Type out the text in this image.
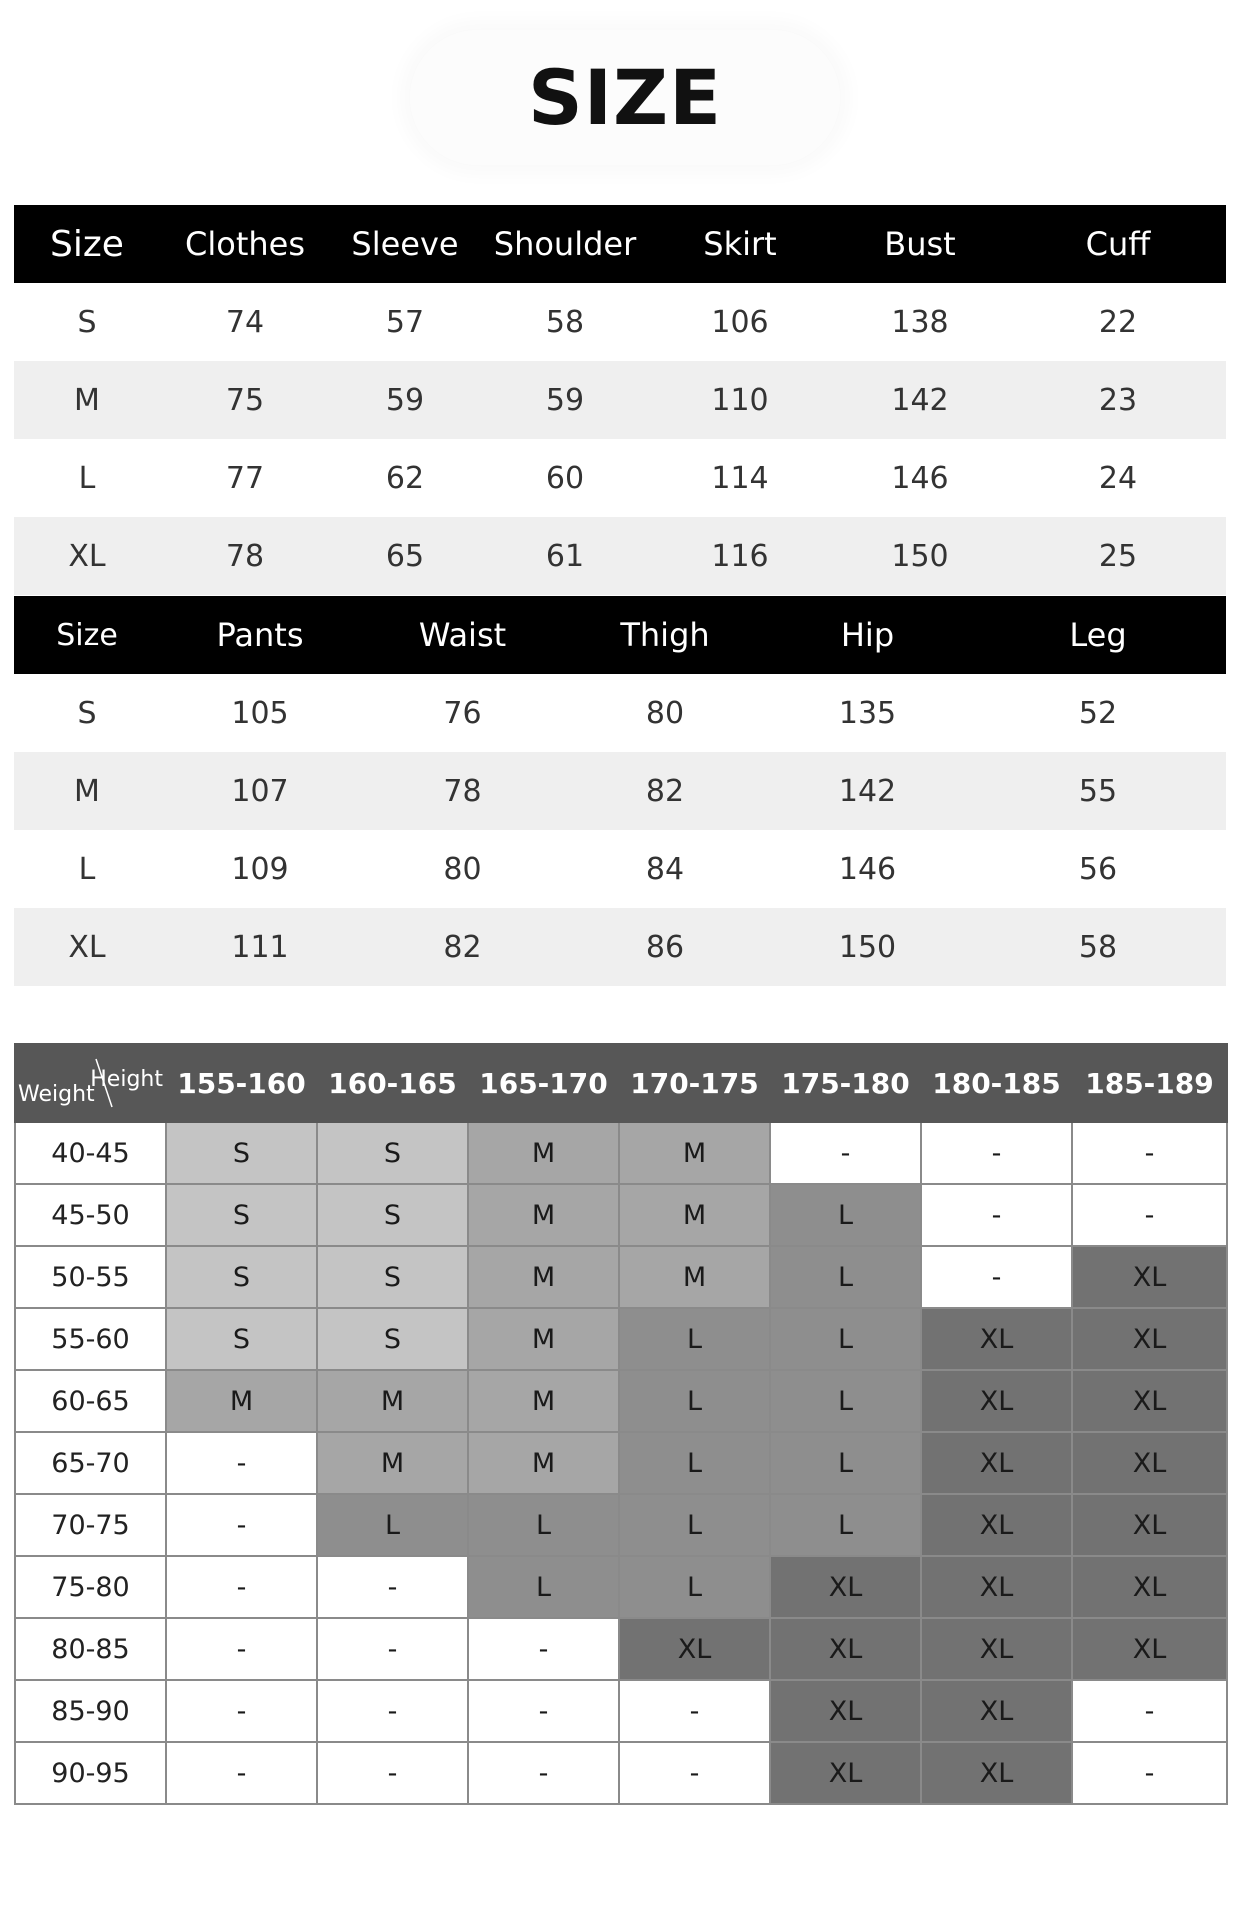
SIZE
Size	Clothes	Sleeve	Shoulder	Skirt	Bust	Cuff
S	74	57	58	106	138	22
M	75	59	59	110	142	23
L	77	62	60	114	146	24
XL	78	65	61	116	150	25
Size	Pants	Waist	Thigh	Hip	Leg
S	105	76	80	135	52
M	107	78	82	142	55
L	109	80	84	146	56
XL	111	82	86	150	58
Weight
Height	155-160	160-165	165-170	170-175	175-180	180-185	185-189
40-45	S	S	M	M	-	-	-
45-50	S	S	M	M	L	-	-
50-55	S	S	M	M	L	-	XL
55-60	S	S	M	L	L	XL	XL
60-65	M	M	M	L	L	XL	XL
65-70	-	M	M	L	L	XL	XL
70-75	-	L	L	L	L	XL	XL
75-80	-	-	L	L	XL	XL	XL
80-85	-	-	-	XL	XL	XL	XL
85-90	-	-	-	-	XL	XL	-
90-95	-	-	-	-	XL	XL	-
